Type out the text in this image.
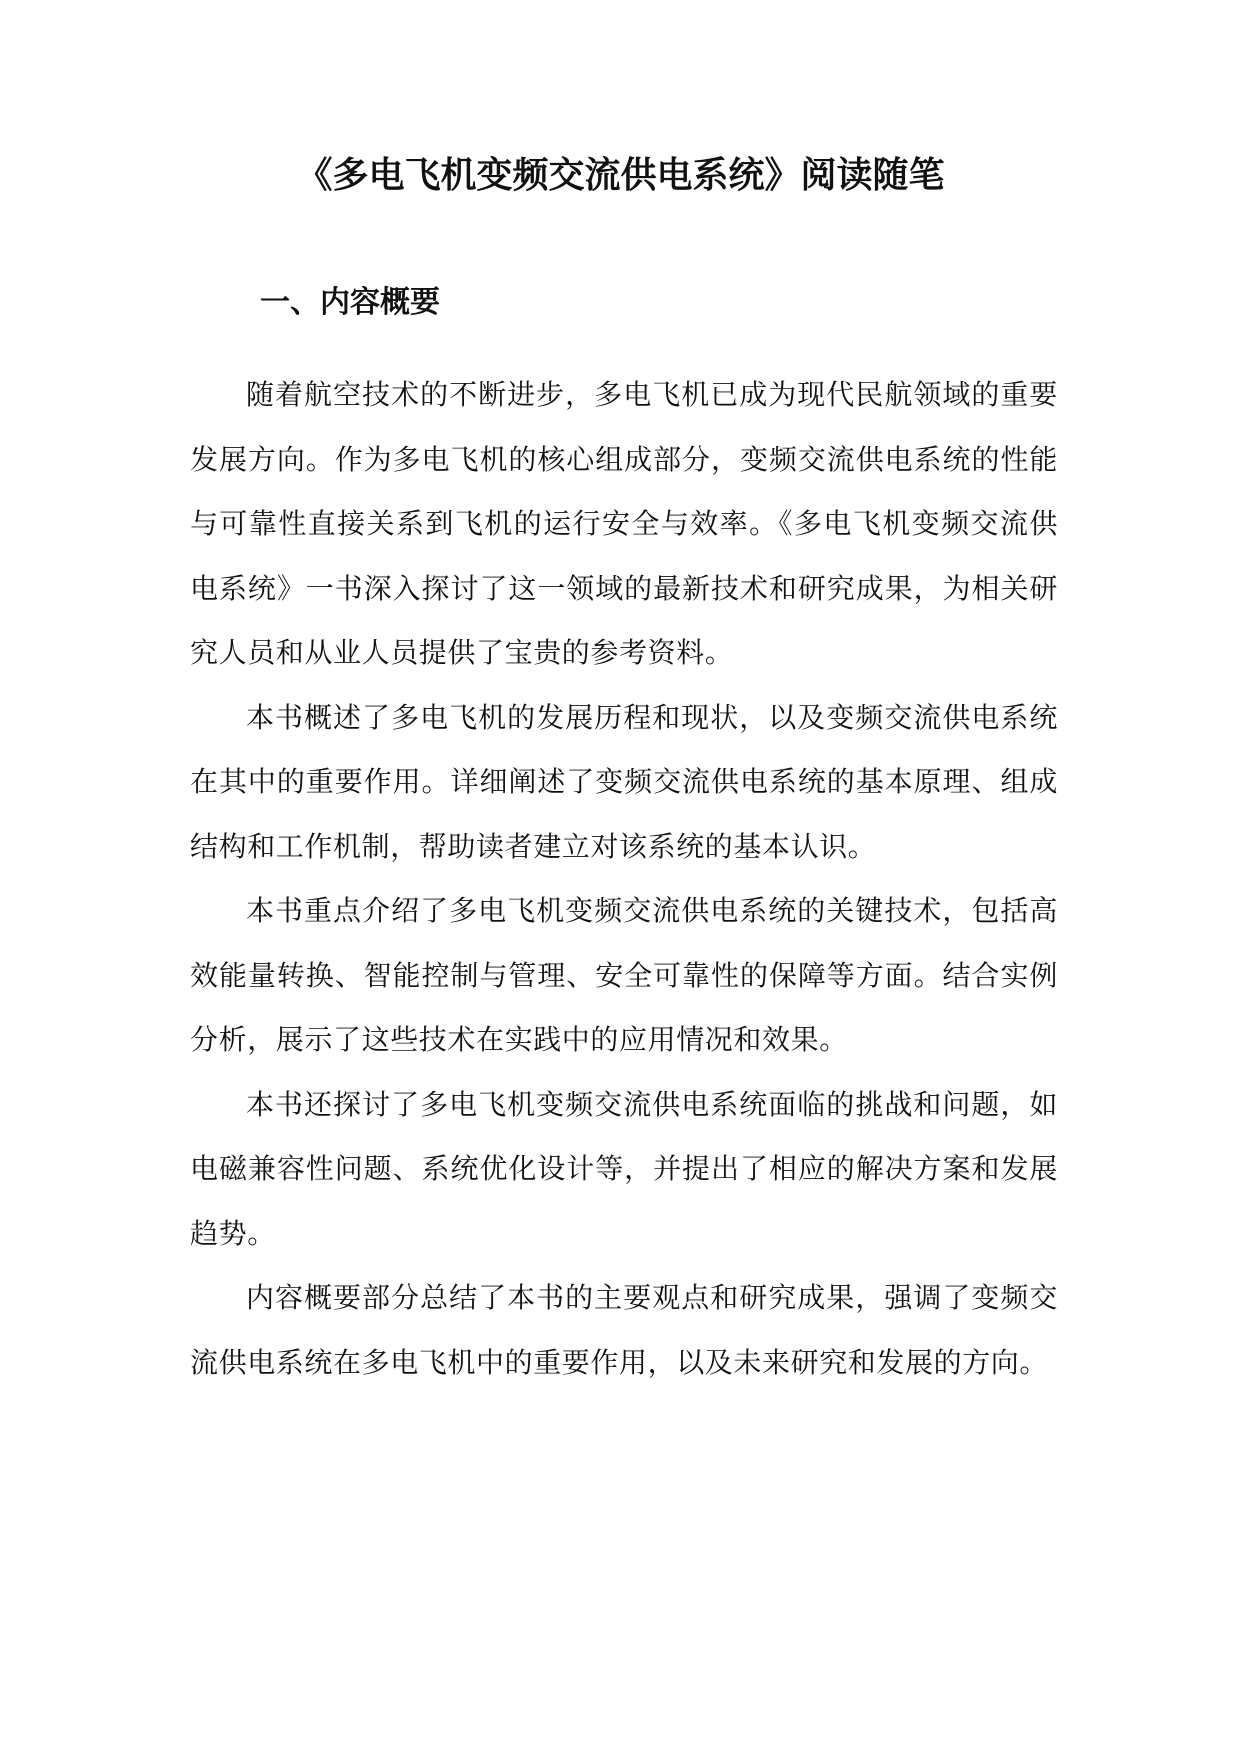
《多电飞机变频交流供电系统》阅读随笔
一、内容概要

随着航空技术的不断进步，多电飞机已成为现代民航领域的重要发展方向。作为多电飞机的核心组成部分，变频交流供电系统的性能与可靠性直接关系到飞机的运行安全与效率。《多电飞机变频交流供电系统》一书深入探讨了这一领域的最新技术和研究成果，为相关研究人员和从业人员提供了宝贵的参考资料。

本书概述了多电飞机的发展历程和现状，以及变频交流供电系统在其中的重要作用。详细阐述了变频交流供电系统的基本原理、组成结构和工作机制，帮助读者建立对该系统的基本认识。

本书重点介绍了多电飞机变频交流供电系统的关键技术，包括高效能量转换、智能控制与管理、安全可靠性的保障等方面。结合实例分析，展示了这些技术在实践中的应用情况和效果。

本书还探讨了多电飞机变频交流供电系统面临的挑战和问题，如电磁兼容性问题、系统优化设计等，并提出了相应的解决方案和发展趋势。

内容概要部分总结了本书的主要观点和研究成果，强调了变频交流供电系统在多电飞机中的重要作用，以及未来研究和发展的方向。
